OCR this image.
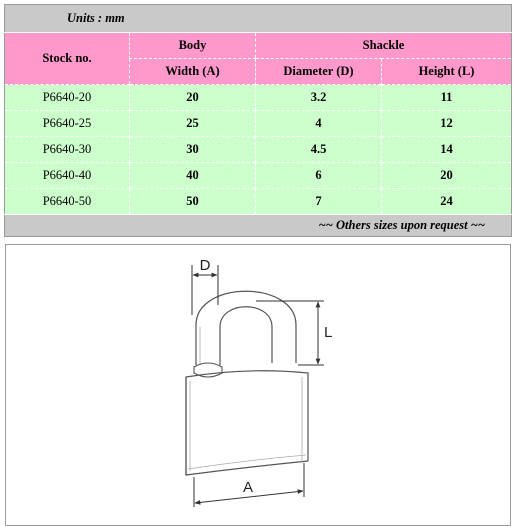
Units : mm			
Stock no.	Body	Shackle	
	Width (A)	Diameter (D)	Height (L)
P6640-20	20	3.2	11
P6640-25	25	4	12
P6640-30	30	4.5	14
P6640-40	40	6	20
P6640-50	50	7	24
~~ Others sizes upon request ~~			
D
L
A
